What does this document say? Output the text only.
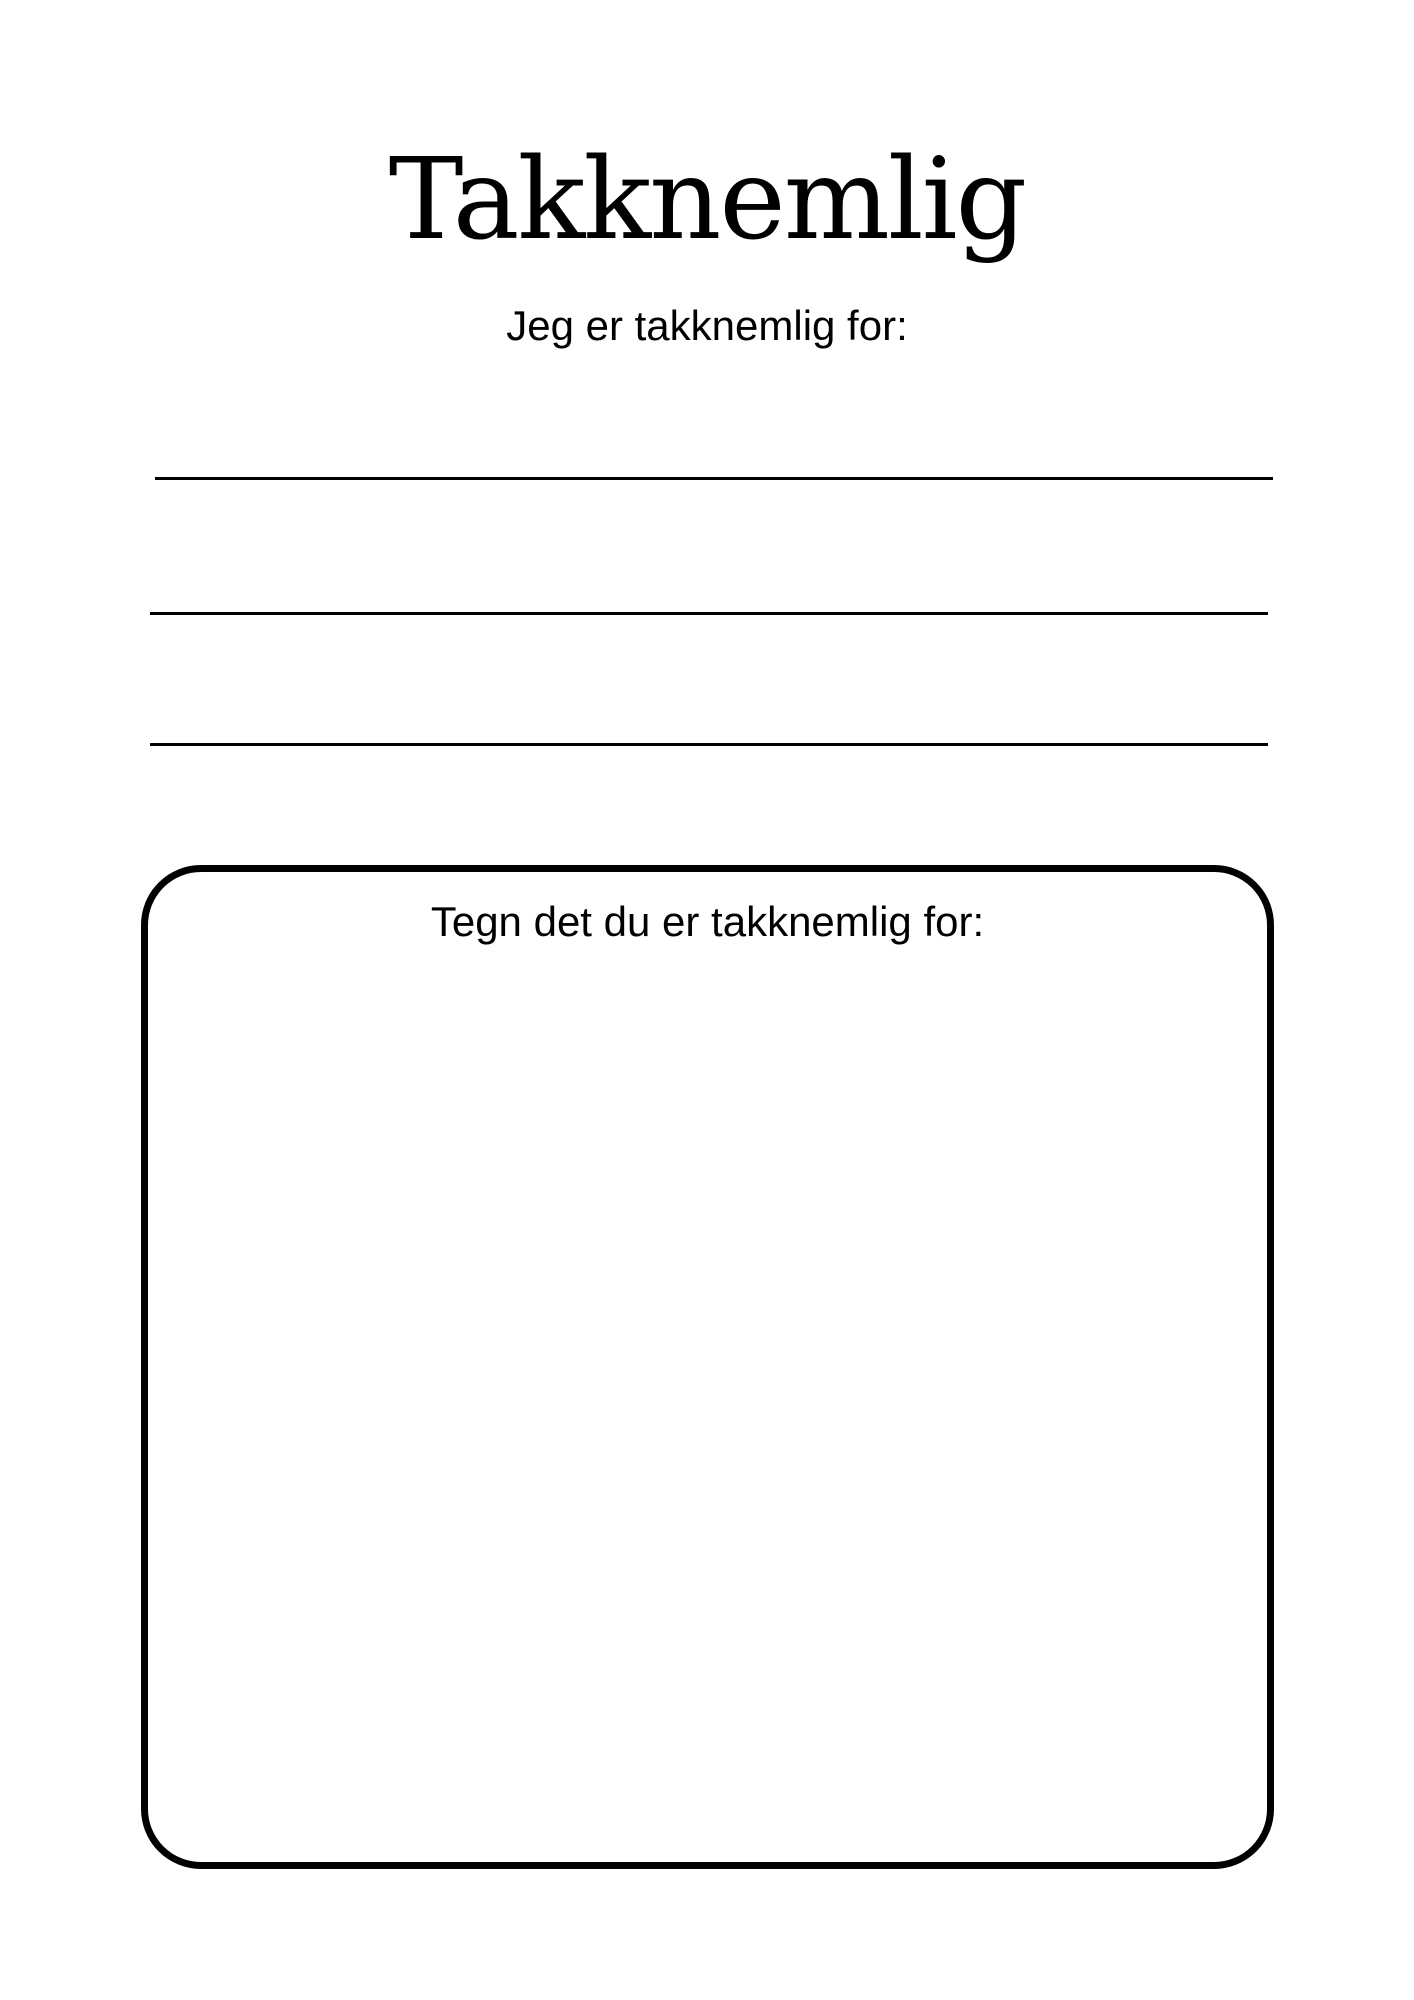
Takknemlig

Jeg er takknemlig for:

Tegn det du er takknemlig for:
